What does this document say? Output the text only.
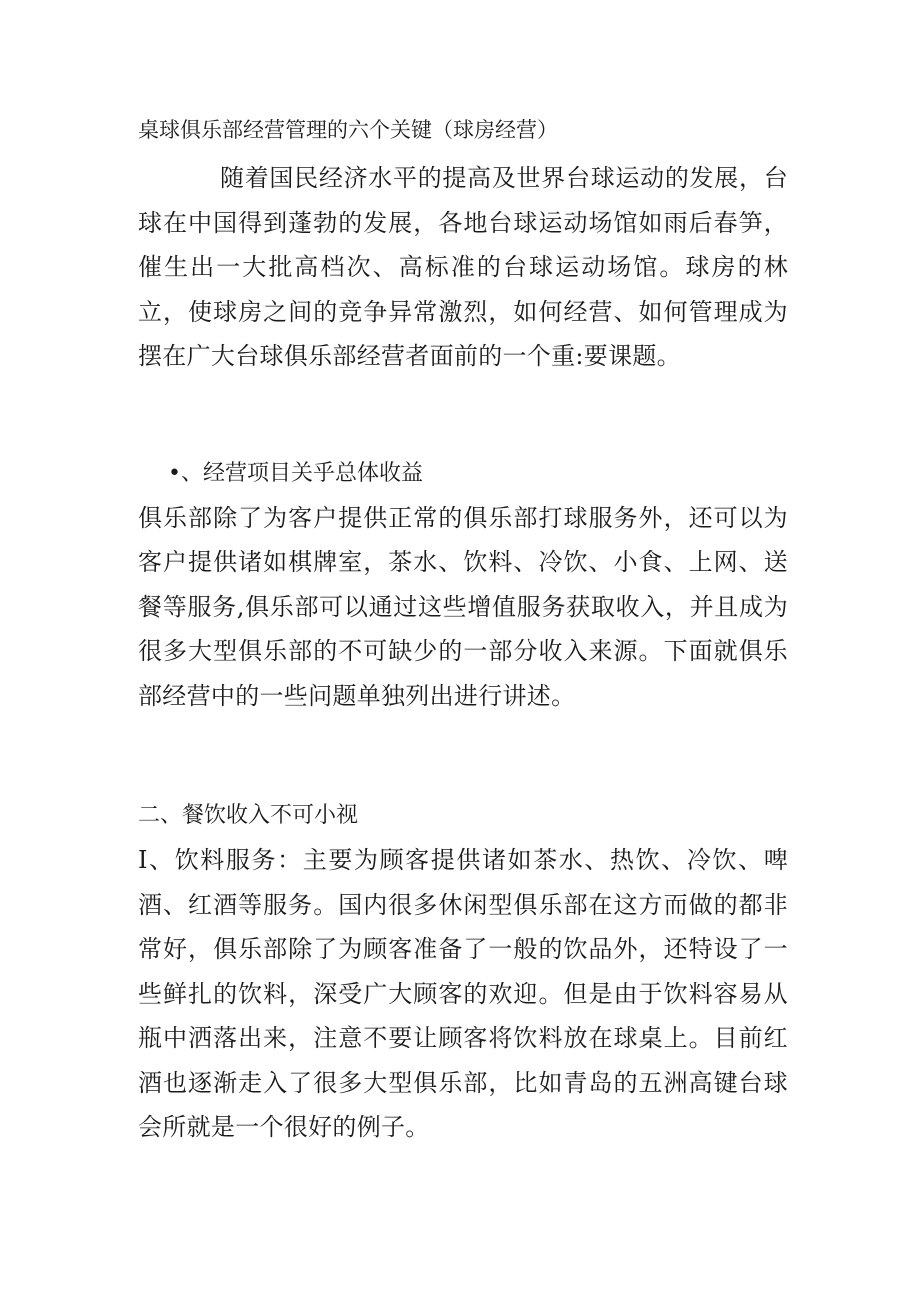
桌球俱乐部经营管理的六个关键（球房经营）

随着国民经济水平的提高及世界台球运动的发展，台球在中国得到蓬勃的发展，各地台球运动场馆如雨后春笋，催生出一大批高档次、高标准的台球运动场馆。球房的林立，使球房之间的竞争异常激烈，如何经营、如何管理成为摆在广大台球俱乐部经营者面前的一个重:要课题。

•、经营项目关乎总体收益

俱乐部除了为客户提供正常的俱乐部打球服务外，还可以为客户提供诸如棋牌室，茶水、饮料、冷饮、小食、上网、送餐等服务,俱乐部可以通过这些增值服务获取收入，并且成为很多大型俱乐部的不可缺少的一部分收入来源。下面就俱乐部经营中的一些问题单独列出进行讲述。

二、餐饮收入不可小视

I、饮料服务：主要为顾客提供诸如茶水、热饮、冷饮、啤酒、红酒等服务。国内很多休闲型俱乐部在这方而做的都非常好，俱乐部除了为顾客准备了一般的饮品外，还特设了一些鲜扎的饮料，深受广大顾客的欢迎。但是由于饮料容易从瓶中洒落出来，注意不要让顾客将饮料放在球桌上。目前红酒也逐渐走入了很多大型俱乐部，比如青岛的五洲高键台球会所就是一个很好的例子。
